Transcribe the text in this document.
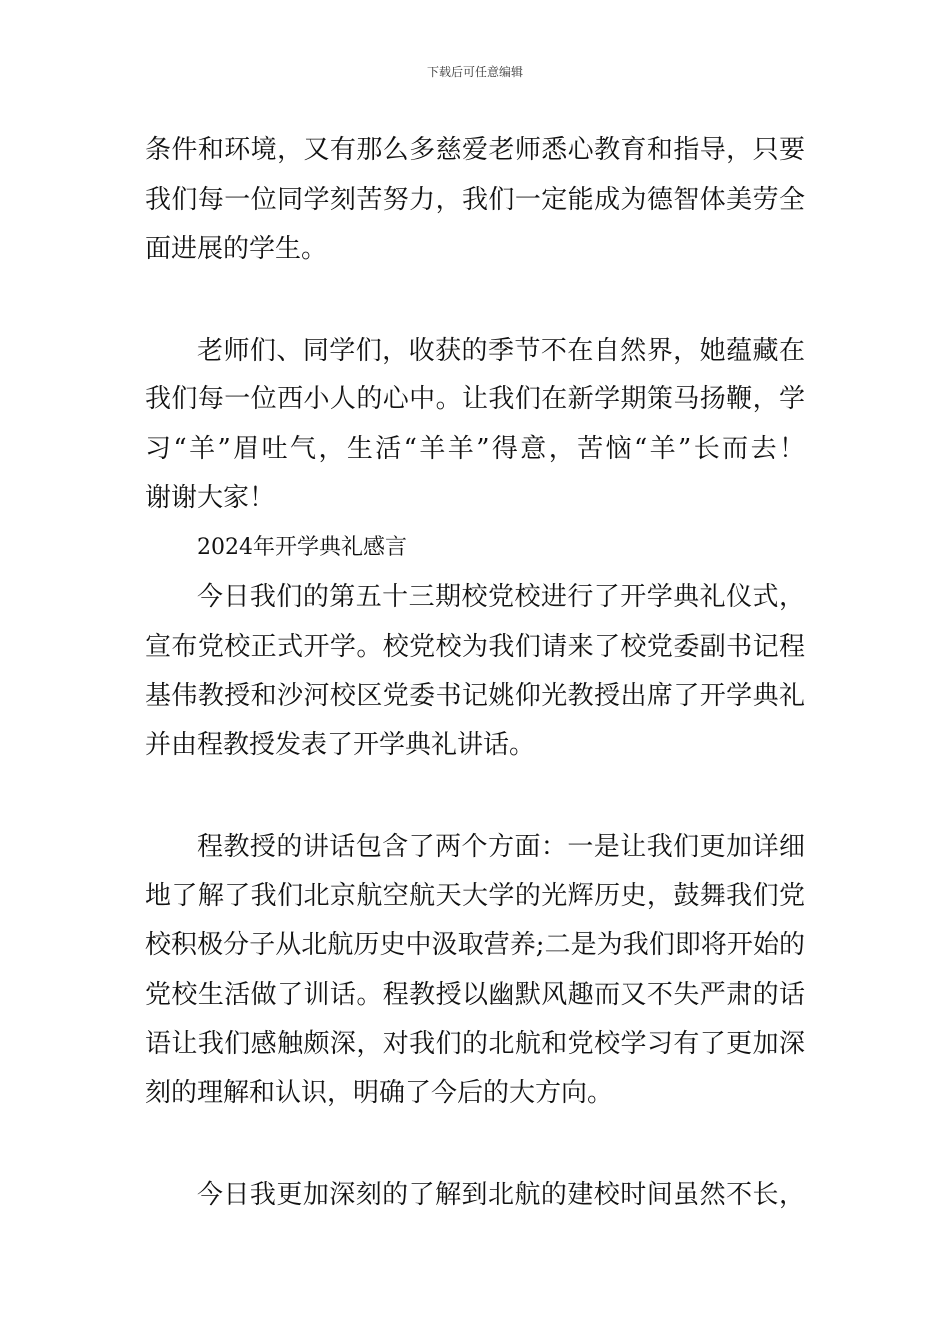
下载后可任意编辑
条件和环境，又有那么多慈爱老师悉心教育和指导，只要
我们每一位同学刻苦努力，我们一定能成为德智体美劳全
面进展的学生。
老师们、同学们，收获的季节不在自然界，她蕴藏在
我们每一位西小人的心中。让我们在新学期策马扬鞭，学
习“羊”眉吐气，生活“羊羊”得意，苦恼“羊”长而去！
谢谢大家！
2024年开学典礼感言
今日我们的第五十三期校党校进行了开学典礼仪式，
宣布党校正式开学。校党校为我们请来了校党委副书记程
基伟教授和沙河校区党委书记姚仰光教授出席了开学典礼
并由程教授发表了开学典礼讲话。
程教授的讲话包含了两个方面：一是让我们更加详细
地了解了我们北京航空航天大学的光辉历史，鼓舞我们党
校积极分子从北航历史中汲取营养;二是为我们即将开始的
党校生活做了训话。程教授以幽默风趣而又不失严肃的话
语让我们感触颇深，对我们的北航和党校学习有了更加深
刻的理解和认识，明确了今后的大方向。
今日我更加深刻的了解到北航的建校时间虽然不长，
